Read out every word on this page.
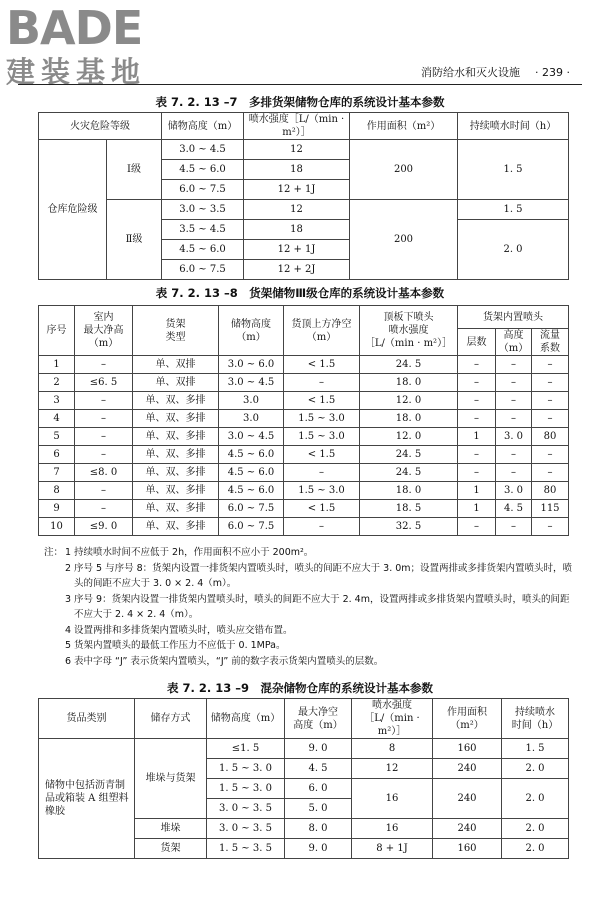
BADE
建装基地	消防给水和灭火设施 · 239 ·
表 7. 2. 13 –7　多排货架储物仓库的系统设计基本参数
火灾危险等级		储物高度（m）	喷水强度［L/（min · m²）］	作用面积（m²）	持续喷水时间（h）
仓库危险级	Ⅰ级	3.0 ~ 4.5	12	200	1. 5
		4.5 ~ 6.0	18		
		6.0 ~ 7.5	12 + 1J		
	Ⅱ级	3.0 ~ 3.5	12	200	1. 5
		3.5 ~ 4.5	18		2. 0
		4.5 ~ 6.0	12 + 1J		
		6.0 ~ 7.5	12 + 2J		
表 7. 2. 13 –8　货架储物Ⅲ级仓库的系统设计基本参数
序号	室内
最大净高
（m）	货架
类型	储物高度
（m）	货顶上方净空
（m）	顶板下喷头
喷水强度
［L/（min · m²）］	货架内置喷头		
						层数	高度
（m）	流量
系数
1	–	单、双排	3.0 ~ 6.0	< 1.5	24. 5	–	–	–
2	≤6. 5	单、双排	3.0 ~ 4.5	–	18. 0	–	–	–
3	–	单、双、多排	3.0	< 1.5	12. 0	–	–	–
4	–	单、双、多排	3.0	1.5 ~ 3.0	18. 0	–	–	–
5	–	单、双、多排	3.0 ~ 4.5	1.5 ~ 3.0	12. 0	1	3. 0	80
6	–	单、双、多排	4.5 ~ 6.0	< 1.5	24. 5	–	–	–
7	≤8. 0	单、双、多排	4.5 ~ 6.0	–	24. 5	–	–	–
8	–	单、双、多排	4.5 ~ 6.0	1.5 ~ 3.0	18. 0	1	3. 0	80
9	–	单、双、多排	6.0 ~ 7.5	< 1.5	18. 5	1	4. 5	115
10	≤9. 0	单、双、多排	6.0 ~ 7.5	–	32. 5	–	–	–
注： 1 持续喷水时间不应低于 2h，作用面积不应小于 200m²。
2 序号 5 与序号 8：货架内设置一排货架内置喷头时，喷头的间距不应大于 3. 0m；设置两排或多排货架内置喷头时，喷头的间距不应大于 3. 0 × 2. 4（m）。
3 序号 9：货架内设置一排货架内置喷头时，喷头的间距不应大于 2. 4m，设置两排或多排货架内置喷头时，喷头的间距不应大于 2. 4 × 2. 4（m）。
4 设置两排和多排货架内置喷头时，喷头应交错布置。
5 货架内置喷头的最低工作压力不应低于 0. 1MPa。
6 表中字母 “J” 表示货架内置喷头，“J” 前的数字表示货架内置喷头的层数。
表 7. 2. 13 –9　混杂储物仓库的系统设计基本参数
货品类别	储存方式	储物高度（m）	最大净空
高度（m）	喷水强度
［L/（min · m²）］	作用面积
（m²）	持续喷水
时间（h）
储物中包括沥青制品或箱装 A 组塑料橡胶	堆垛与货架	≤1. 5	9. 0	8	160	1. 5
		1. 5 ~ 3. 0	4. 5	12	240	2. 0
		1. 5 ~ 3. 0	6. 0	16	240	2. 0
		3. 0 ~ 3. 5	5. 0			
	堆垛	3. 0 ~ 3. 5	8. 0	16	240	2. 0
	货架	1. 5 ~ 3. 5	9. 0	8 + 1J	160	2. 0
